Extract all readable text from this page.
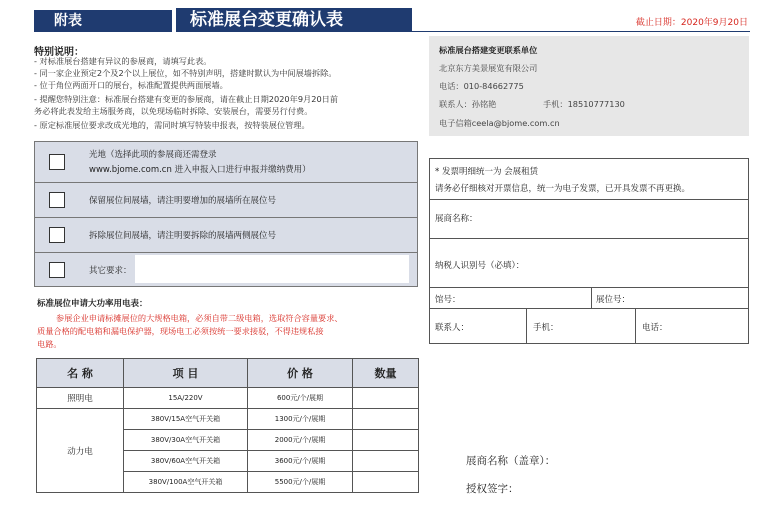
附表	标准展台变更确认表	截止日期：2020年9月20日
特别说明：
- 对标准展台搭建有异议的参展商，请填写此表。
- 同一家企业预定2个及2个以上展位，如不特别声明，搭建时默认为中间展墙拆除。
- 位于角位两面开口的展台，标准配置提供两面展墙。
- 提醒您特别注意：标准展台搭建有变更的参展商，请在截止日期2020年9月20日前
务必将此表发给主场服务商，以免现场临时拆除、安装展台，需要另行付费。
- 原定标准展位要求改成光地的，需同时填写特装申报表，按特装展位管理。
标准展台搭建变更联系单位
北京东方美景展览有限公司
电话：010-84662775
联系人：孙铭艳	手机：18510777130
电子信箱ceela@bjome.com.cn
光地（选择此项的参展商还需登录
www.bjome.com.cn 进入申报入口进行申报并缴纳费用）
保留展位间展墙，请注明要增加的展墙所在展位号
拆除展位间展墙，请注明要拆除的展墙两侧展位号
其它要求：
标准展位申请大功率用电表：
参展企业申请标摊展位的大规格电箱，必须自带二级电箱，选取符合容量要求、
质量合格的配电箱和漏电保护器，现场电工必须按统一要求接驳，不得违规私接
电路。
名 称	项 目	价 格	数量
照明电	15A/220V	600元/个/展期	
动力电	380V/15A空气开关箱	1300元/个/展期	
	380V/30A空气开关箱	2000元/个/展期	
	380V/60A空气开关箱	3600元/个/展期	
	380V/100A空气开关箱	5500元/个/展期	
* 发票明细统一为 会展租赁
请务必仔细核对开票信息，统一为电子发票，已开具发票不再更换。
展商名称：
纳税人识别号（必填）：
馆号：	展位号：
联系人：	手机：	电话：
展商名称（盖章）：
授权签字：
